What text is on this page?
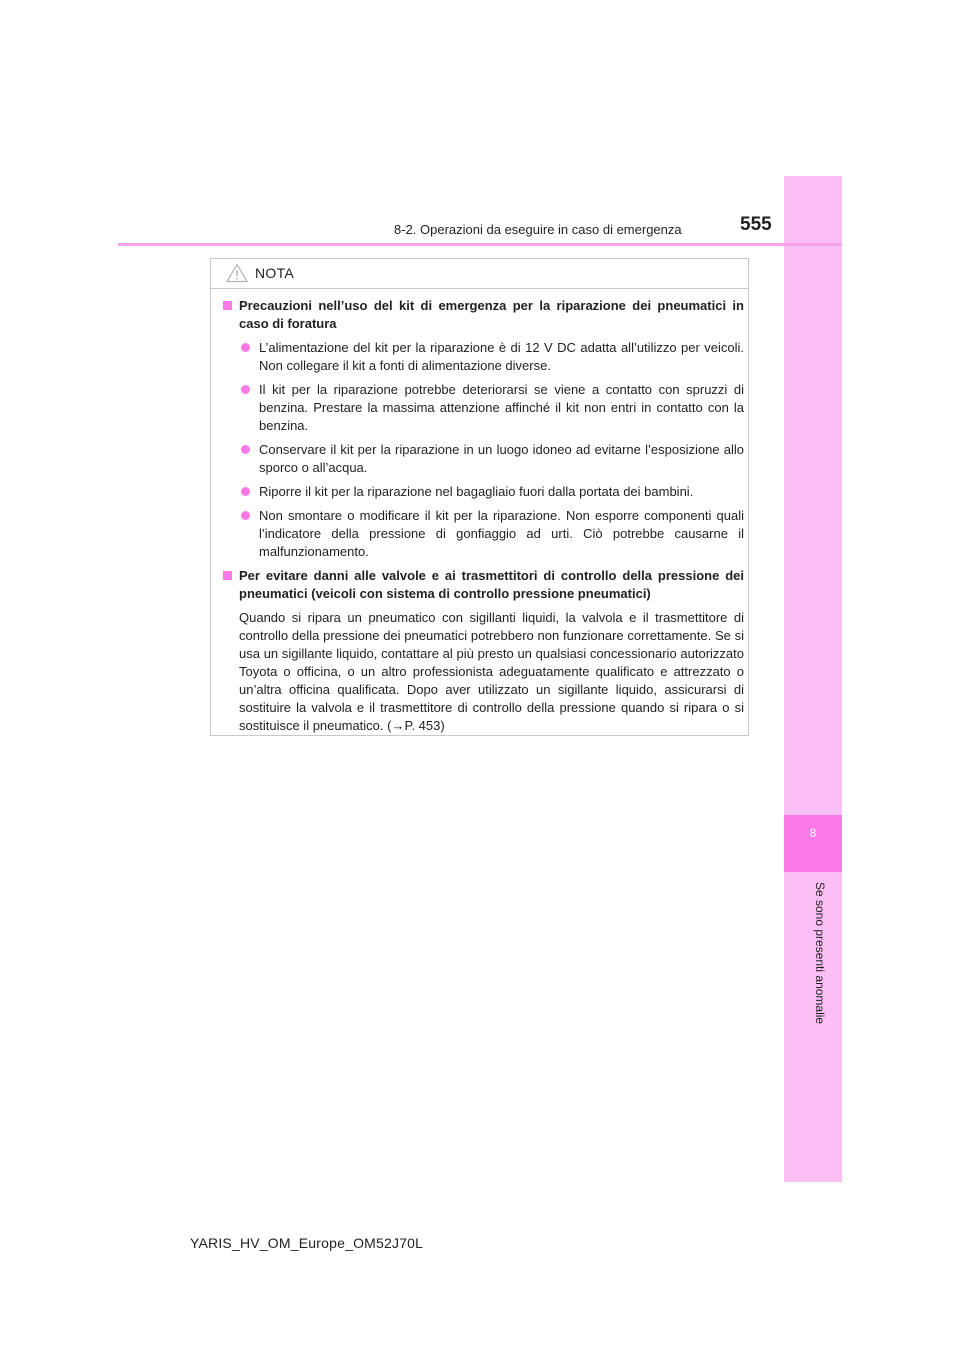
8
Se sono presenti anomalie
8-2. Operazioni da eseguire in caso di emergenza	555
NOTA
Precauzioni nell’uso del kit di emergenza per la riparazione dei pneumatici in caso di foratura
L’alimentazione del kit per la riparazione è di 12 V DC adatta all’utilizzo per veicoli. Non collegare il kit a fonti di alimentazione diverse.
Il kit per la riparazione potrebbe deteriorarsi se viene a contatto con spruzzi di benzina. Prestare la massima attenzione affinché il kit non entri in contatto con la benzina.
Conservare il kit per la riparazione in un luogo idoneo ad evitarne l’esposizione allo sporco o all’acqua.
Riporre il kit per la riparazione nel bagagliaio fuori dalla portata dei bambini.
Non smontare o modificare il kit per la riparazione. Non esporre componenti quali l’indicatore della pressione di gonfiaggio ad urti. Ciò potrebbe causarne il malfunzionamento.
Per evitare danni alle valvole e ai trasmettitori di controllo della pressione dei pneumatici (veicoli con sistema di controllo pressione pneumatici)
Quando si ripara un pneumatico con sigillanti liquidi, la valvola e il trasmettitore di controllo della pressione dei pneumatici potrebbero non funzionare correttamente. Se si usa un sigillante liquido, contattare al più presto un qualsiasi concessionario autorizzato Toyota o officina, o un altro professionista adeguatamente qualificato e attrezzato o un’altra officina qualificata. Dopo aver utilizzato un sigillante liquido, assicurarsi di sostituire la valvola e il trasmettitore di controllo della pressione quando si ripara o si sostituisce il pneumatico. (→P. 453)
YARIS_HV_OM_Europe_OM52J70L
